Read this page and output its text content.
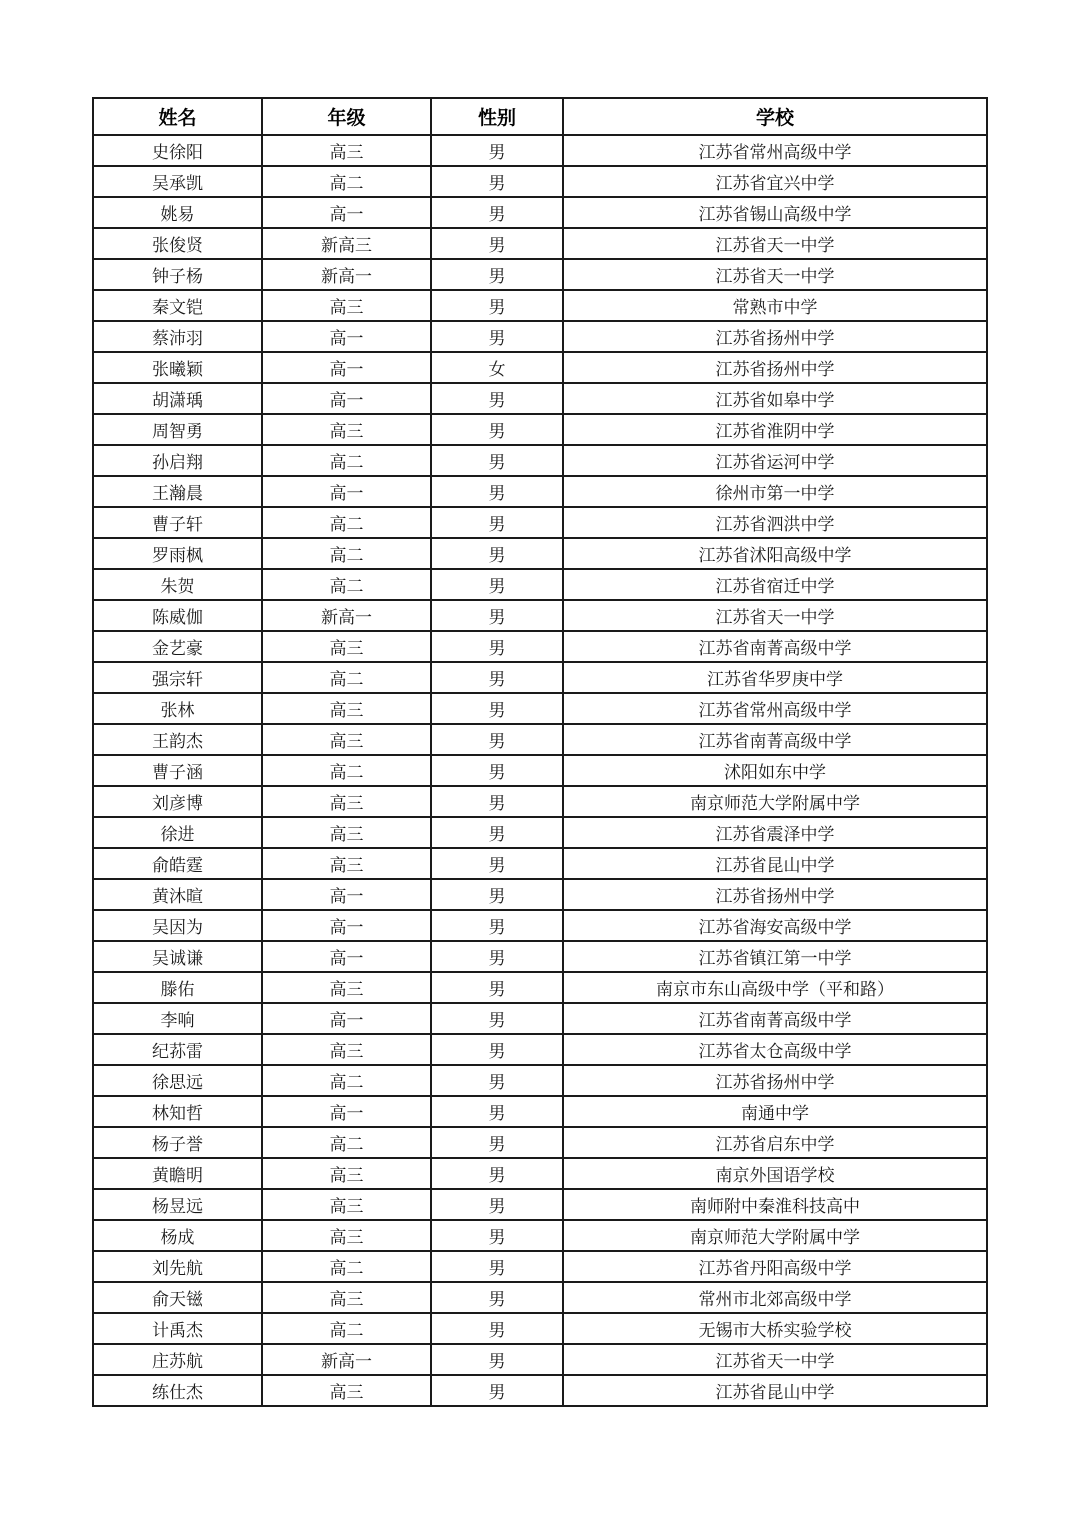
姓名	年级	性别	学校
史徐阳	高三	男	江苏省常州高级中学
吴承凯	高二	男	江苏省宜兴中学
姚易	高一	男	江苏省锡山高级中学
张俊贤	新高三	男	江苏省天一中学
钟子杨	新高一	男	江苏省天一中学
秦文铠	高三	男	常熟市中学
蔡沛羽	高一	男	江苏省扬州中学
张曦颖	高一	女	江苏省扬州中学
胡潇瑀	高一	男	江苏省如皋中学
周智勇	高三	男	江苏省淮阴中学
孙启翔	高二	男	江苏省运河中学
王瀚晨	高一	男	徐州市第一中学
曹子轩	高二	男	江苏省泗洪中学
罗雨枫	高二	男	江苏省沭阳高级中学
朱贺	高二	男	江苏省宿迁中学
陈威伽	新高一	男	江苏省天一中学
金艺豪	高三	男	江苏省南菁高级中学
强宗轩	高二	男	江苏省华罗庚中学
张林	高三	男	江苏省常州高级中学
王韵杰	高三	男	江苏省南菁高级中学
曹子涵	高二	男	沭阳如东中学
刘彦博	高三	男	南京师范大学附属中学
徐进	高三	男	江苏省震泽中学
俞皓霆	高三	男	江苏省昆山中学
黄沐暄	高一	男	江苏省扬州中学
吴因为	高一	男	江苏省海安高级中学
吴诚谦	高一	男	江苏省镇江第一中学
滕佑	高三	男	南京市东山高级中学（平和路）
李响	高一	男	江苏省南菁高级中学
纪荪雷	高三	男	江苏省太仓高级中学
徐思远	高二	男	江苏省扬州中学
林知哲	高一	男	南通中学
杨子誉	高二	男	江苏省启东中学
黄瞻明	高三	男	南京外国语学校
杨昱远	高三	男	南师附中秦淮科技高中
杨成	高三	男	南京师范大学附属中学
刘先航	高二	男	江苏省丹阳高级中学
俞天镃	高三	男	常州市北郊高级中学
计禹杰	高二	男	无锡市大桥实验学校
庄苏航	新高一	男	江苏省天一中学
练仕杰	高三	男	江苏省昆山中学
